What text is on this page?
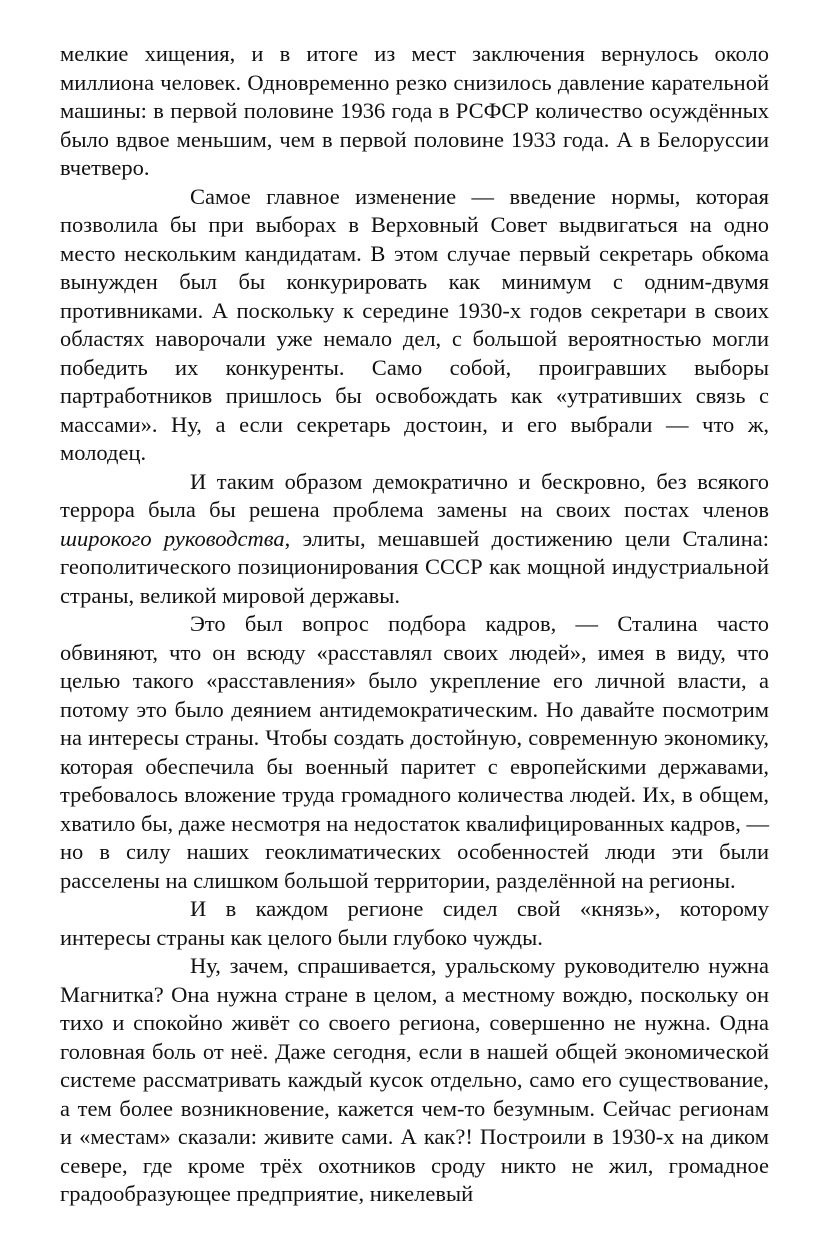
мелкие хищения, и в итоге из мест заключения вернулось около миллиона человек. Одновременно резко снизилось давление карательной машины: в первой половине 1936 года в РСФСР количество осуждённых было вдвое меньшим, чем в первой половине 1933 года. А в Белоруссии вчетверо.

Самое главное изменение — введение нормы, которая позволила бы при выборах в Верховный Совет выдвигаться на одно место нескольким кандидатам. В этом случае первый секретарь обкома вынужден был бы конкурировать как минимум с одним-двумя противниками. А поскольку к середине 1930-х годов секретари в своих областях наворочали уже немало дел, с большой вероятностью могли победить их конкуренты. Само собой, проигравших выборы партработников пришлось бы освобождать как «утративших связь с массами». Ну, а если секретарь достоин, и его выбрали — что ж, молодец.

И таким образом демократично и бескровно, без всякого террора была бы решена проблема замены на своих постах членов широкого руководства, элиты, мешавшей достижению цели Сталина: геополитического позиционирования СССР как мощной индустриальной страны, великой мировой державы.

Это был вопрос подбора кадров, — Сталина часто обвиняют, что он всюду «расставлял своих людей», имея в виду, что целью такого «расставления» было укрепление его личной власти, а потому это было деянием антидемократическим. Но давайте посмотрим на интересы страны. Чтобы создать достойную, современную экономику, которая обеспечила бы военный паритет с европейскими державами, требовалось вложение труда громадного количества людей. Их, в общем, хватило бы, даже несмотря на недостаток квалифицированных кадров, — но в силу наших геоклиматических особенностей люди эти были расселены на слишком большой территории, разделённой на регионы.

И в каждом регионе сидел свой «князь», которому интересы страны как целого были глубоко чужды.

Ну, зачем, спрашивается, уральскому руководителю нужна Магнитка? Она нужна стране в целом, а местному вождю, поскольку он тихо и спокойно живёт со своего региона, совершенно не нужна. Одна головная боль от неё. Даже сегодня, если в нашей общей экономической системе рассматривать каждый кусок отдельно, само его существование, а тем более возникновение, кажется чем-то безумным. Сейчас регионам и «местам» сказали: живите сами. А как?! Построили в 1930-х на диком севере, где кроме трёх охотников сроду никто не жил, громадное градообразующее предприятие, никелевый
